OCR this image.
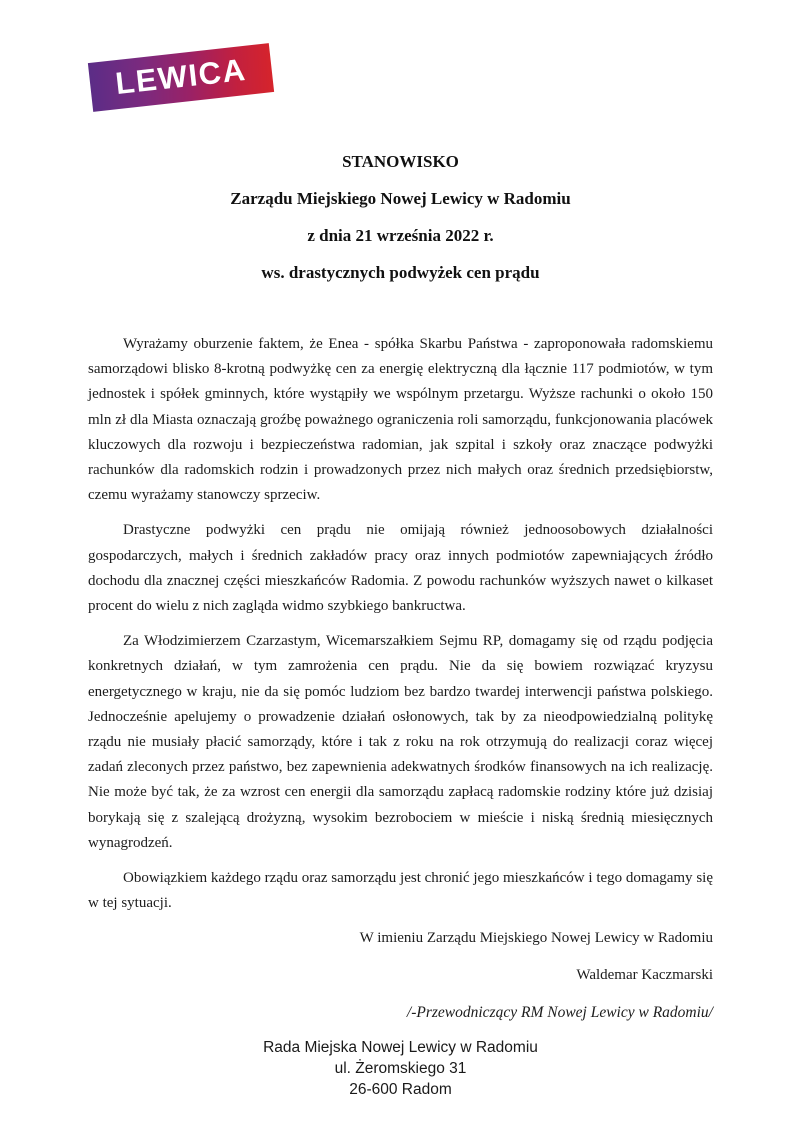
LEWICA
STANOWISKO
Zarządu Miejskiego Nowej Lewicy w Radomiu
z dnia 21 września 2022 r.
ws. drastycznych podwyżek cen prądu

Wyrażamy oburzenie faktem, że Enea - spółka Skarbu Państwa - zaproponowała radomskiemu samorządowi blisko 8-krotną podwyżkę cen za energię elektryczną dla łącznie 117 podmiotów, w tym jednostek i spółek gminnych, które wystąpiły we wspólnym przetargu. Wyższe rachunki o około 150 mln zł dla Miasta oznaczają groźbę poważnego ograniczenia roli samorządu, funkcjonowania placówek kluczowych dla rozwoju i bezpieczeństwa radomian, jak szpital i szkoły oraz znaczące podwyżki rachunków dla radomskich rodzin i prowadzonych przez nich małych oraz średnich przedsiębiorstw, czemu wyrażamy stanowczy sprzeciw.

Drastyczne podwyżki cen prądu nie omijają również jednoosobowych działalności gospodarczych, małych i średnich zakładów pracy oraz innych podmiotów zapewniających źródło dochodu dla znacznej części mieszkańców Radomia. Z powodu rachunków wyższych nawet o kilkaset procent do wielu z nich zagląda widmo szybkiego bankructwa.

Za Włodzimierzem Czarzastym, Wicemarszałkiem Sejmu RP, domagamy się od rządu podjęcia konkretnych działań, w tym zamrożenia cen prądu. Nie da się bowiem rozwiązać kryzysu energetycznego w kraju, nie da się pomóc ludziom bez bardzo twardej interwencji państwa polskiego. Jednocześnie apelujemy o prowadzenie działań osłonowych, tak by za nieodpowiedzialną politykę rządu nie musiały płacić samorządy, które i tak z roku na rok otrzymują do realizacji coraz więcej zadań zleconych przez państwo, bez zapewnienia adekwatnych środków finansowych na ich realizację. Nie może być tak, że za wzrost cen energii dla samorządu zapłacą radomskie rodziny które już dzisiaj borykają się z szalejącą drożyzną, wysokim bezrobociem w mieście i niską średnią miesięcznych wynagrodzeń.

Obowiązkiem każdego rządu oraz samorządu jest chronić jego mieszkańców i tego domagamy się w tej sytuacji.

W imieniu Zarządu Miejskiego Nowej Lewicy w Radomiu
Waldemar Kaczmarski
/-Przewodniczący RM Nowej Lewicy w Radomiu/
Rada Miejska Nowej Lewicy w Radomiu
ul. Żeromskiego 31
26-600 Radom
